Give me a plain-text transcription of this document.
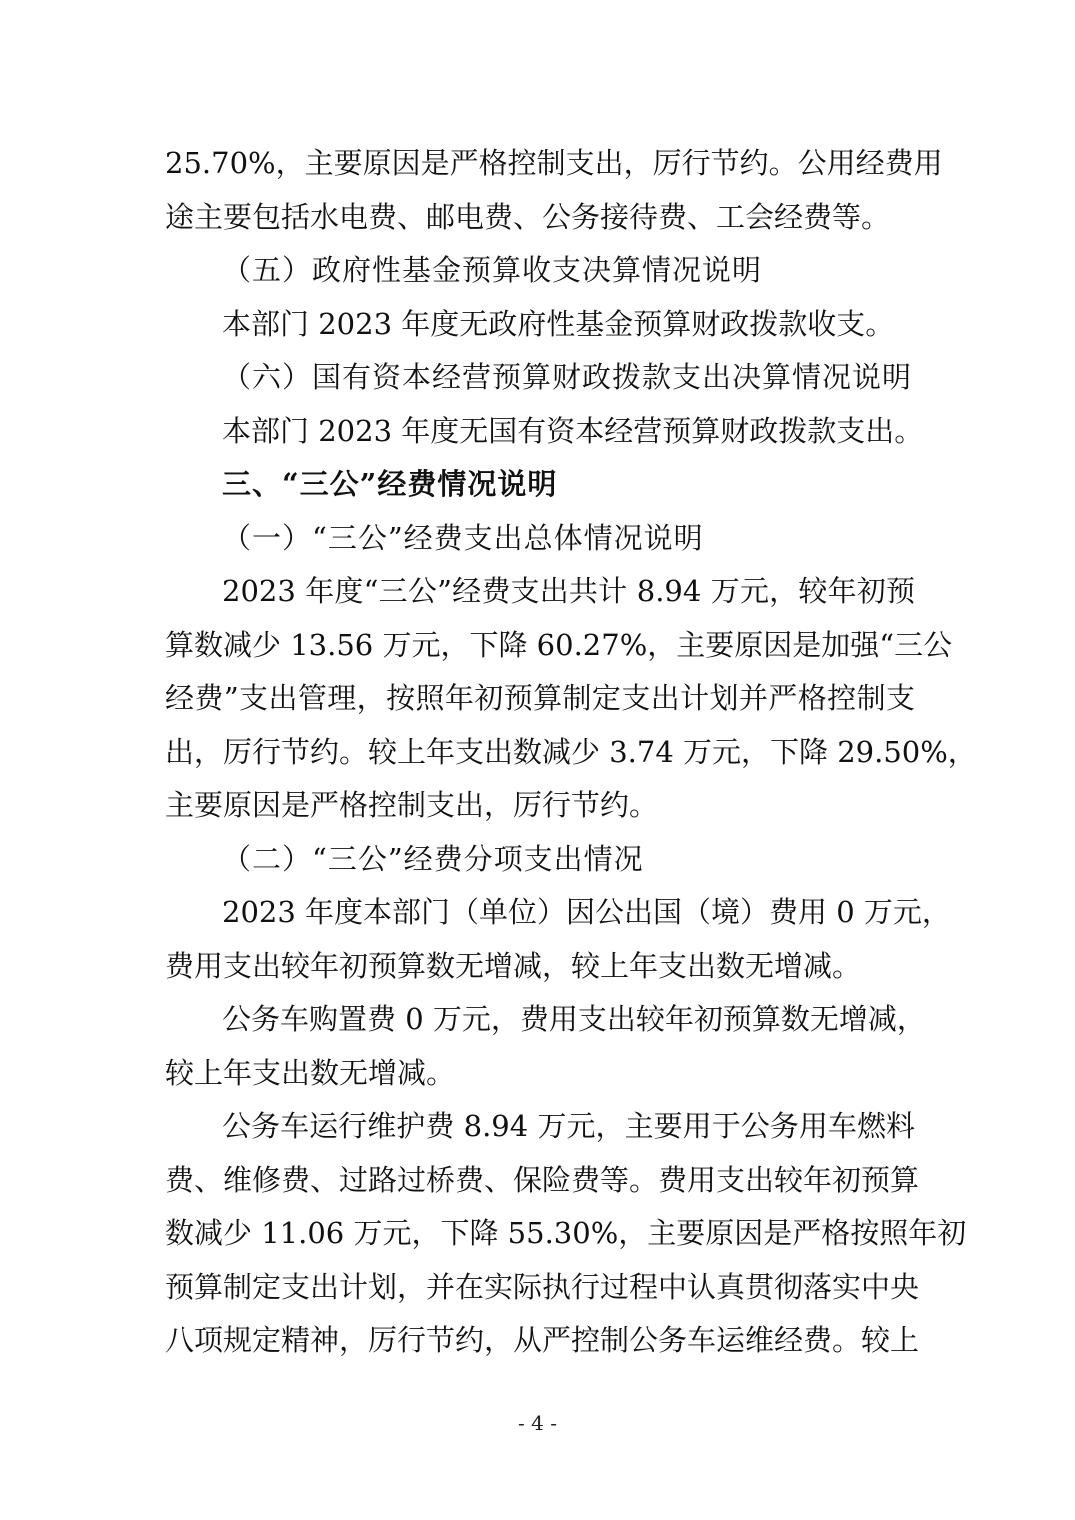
25.70%，主要原因是严格控制支出，厉行节约。公用经费用
途主要包括水电费、邮电费、公务接待费、工会经费等。
（五）政府性基金预算收支决算情况说明
本部门 2023 年度无政府性基金预算财政拨款收支。
（六）国有资本经营预算财政拨款支出决算情况说明
本部门 2023 年度无国有资本经营预算财政拨款支出。
三、“三公”经费情况说明
（一）“三公”经费支出总体情况说明
2023 年度“三公”经费支出共计 8.94 万元，较年初预
算数减少 13.56 万元，下降 60.27%，主要原因是加强“三公
经费”支出管理，按照年初预算制定支出计划并严格控制支
出，厉行节约。较上年支出数减少 3.74 万元，下降 29.50%，
主要原因是严格控制支出，厉行节约。
（二）“三公”经费分项支出情况
2023 年度本部门（单位）因公出国（境）费用 0 万元，
费用支出较年初预算数无增减，较上年支出数无增减。
公务车购置费 0 万元，费用支出较年初预算数无增减，
较上年支出数无增减。
公务车运行维护费 8.94 万元，主要用于公务用车燃料
费、维修费、过路过桥费、保险费等。费用支出较年初预算
数减少 11.06 万元，下降 55.30%，主要原因是严格按照年初
预算制定支出计划，并在实际执行过程中认真贯彻落实中央
八项规定精神，厉行节约，从严控制公务车运维经费。较上
- 4 -
